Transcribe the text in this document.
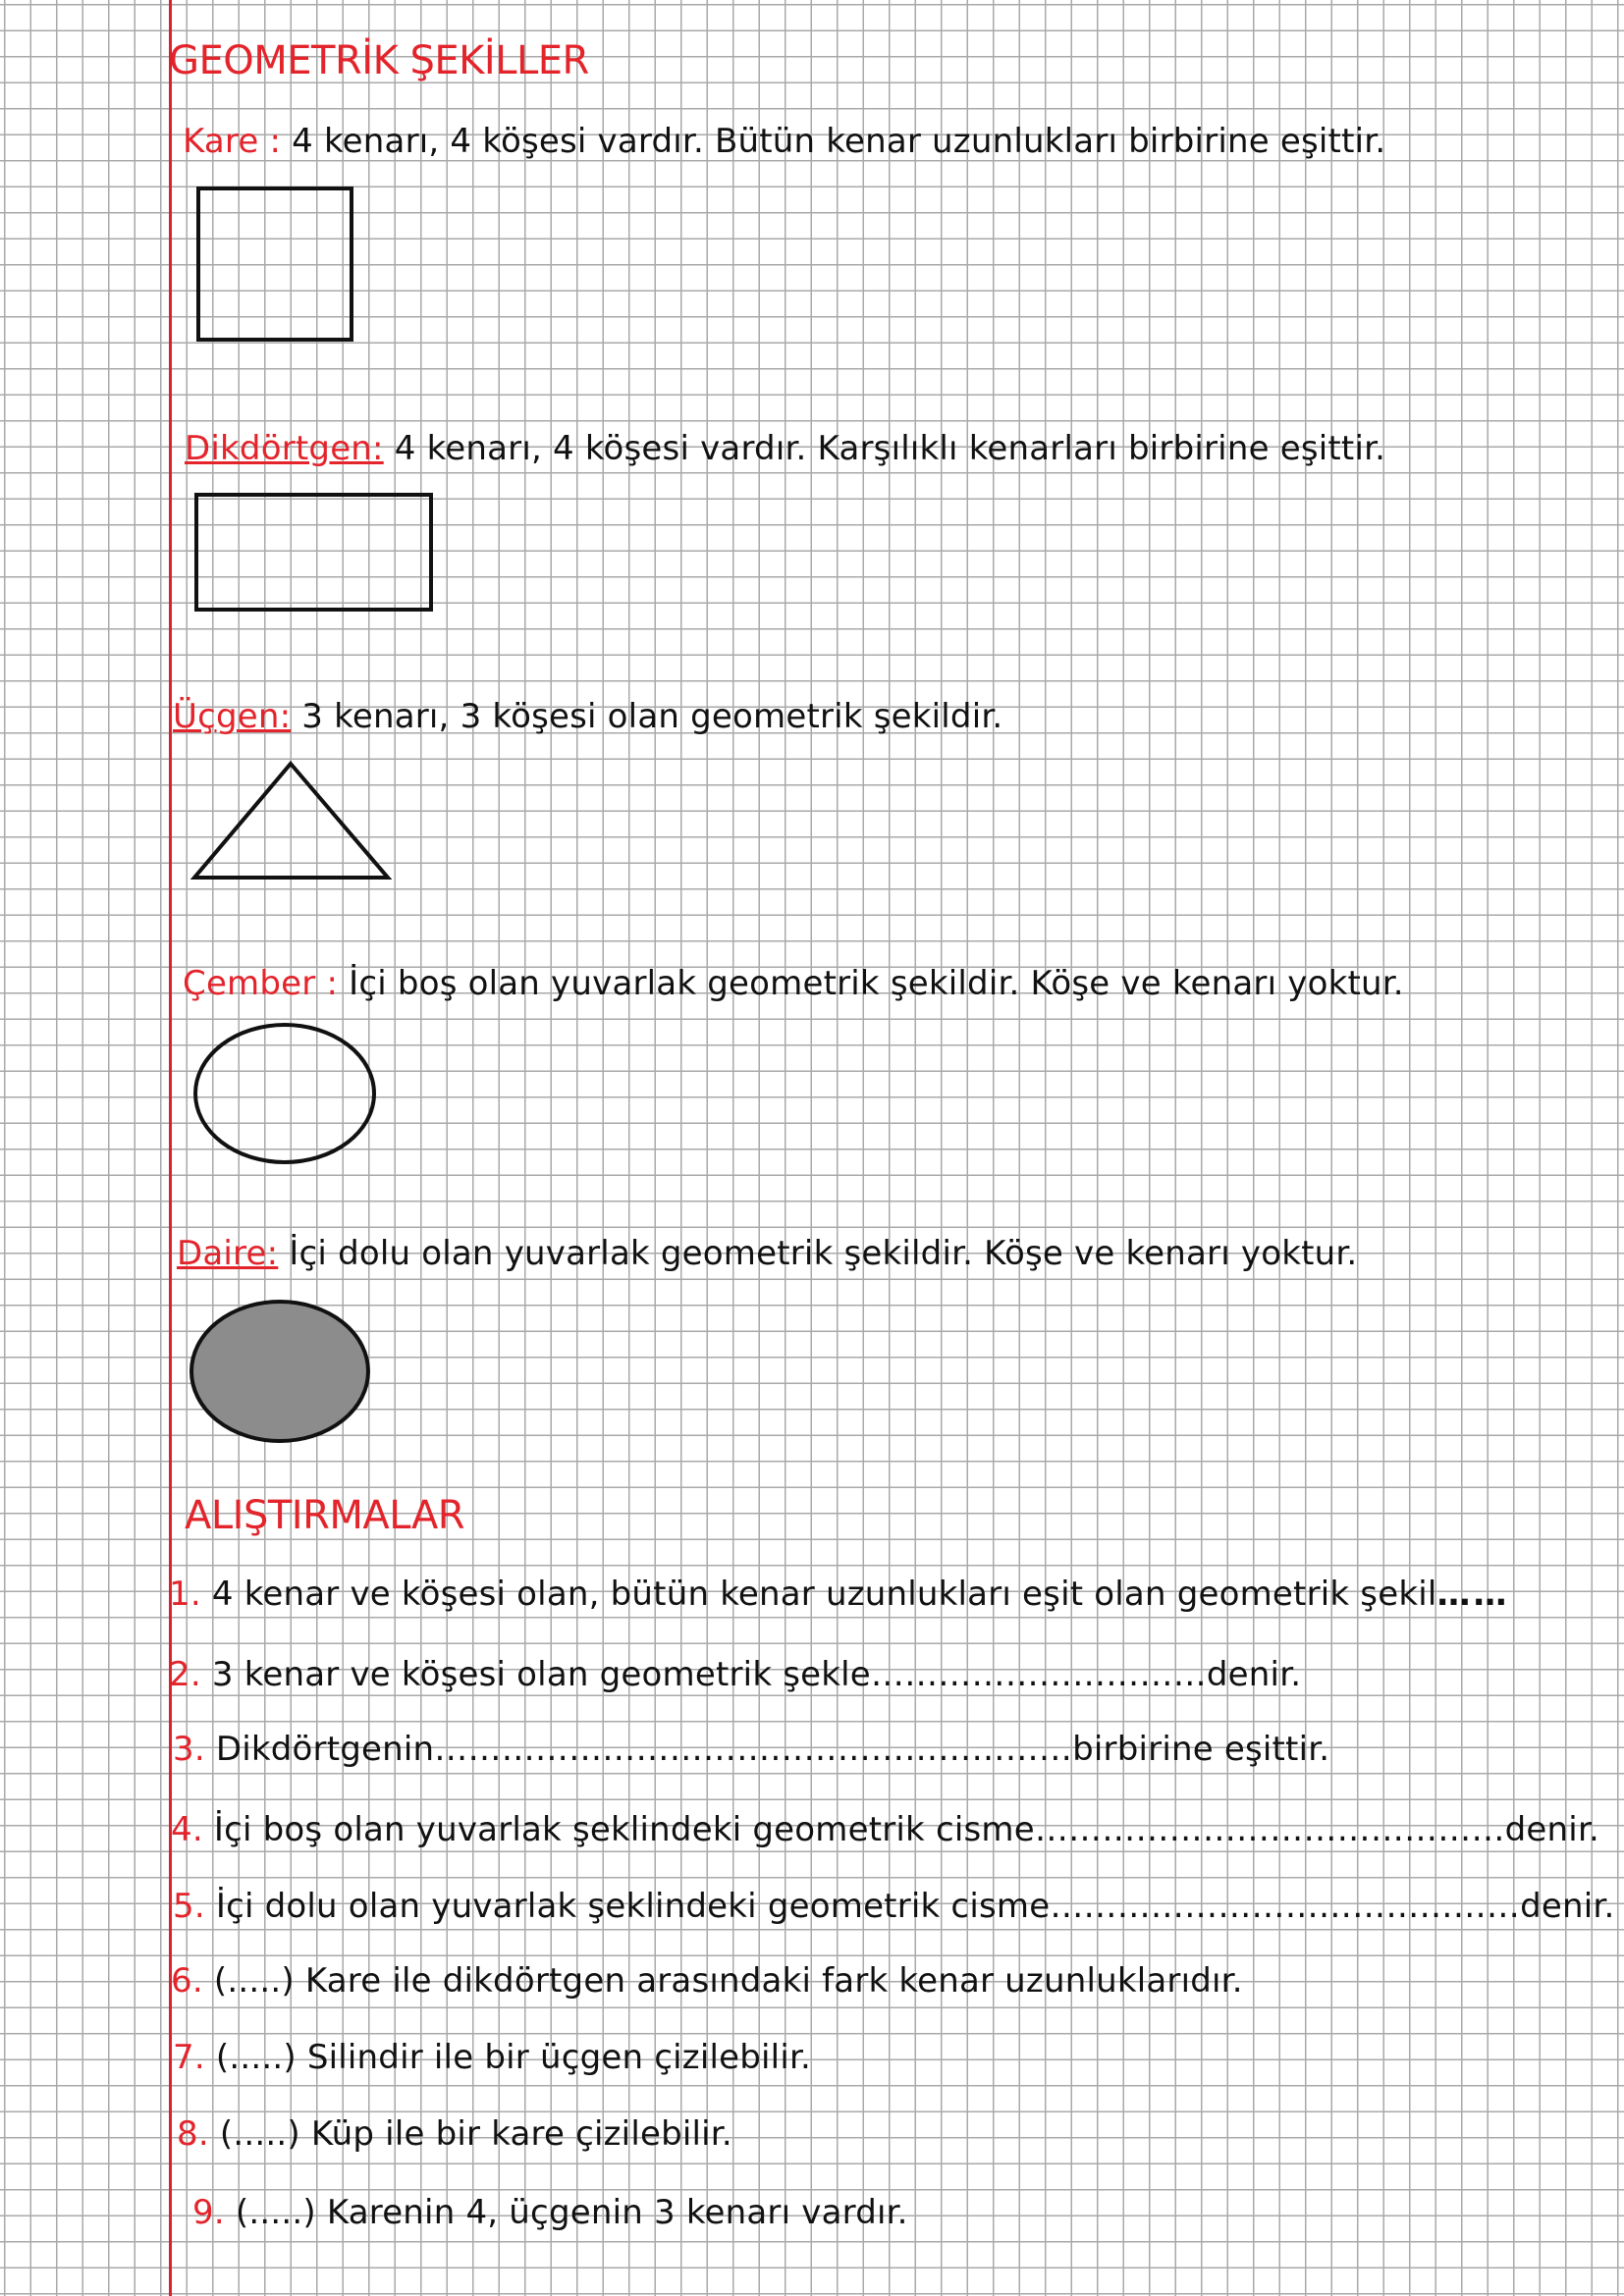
GEOMETRİK ŞEKİLLER
Kare : 4 kenarı, 4 köşesi vardır. Bütün kenar uzunlukları birbirine eşittir.
Dikdörtgen: 4 kenarı, 4 köşesi vardır. Karşılıklı kenarları birbirine eşittir.
Üçgen: 3 kenarı, 3 köşesi olan geometrik şekildir.
Çember : İçi boş olan yuvarlak geometrik şekildir. Köşe ve kenarı yoktur.
Daire: İçi dolu olan yuvarlak geometrik şekildir. Köşe ve kenarı yoktur.
ALIŞTIRMALAR
1. 4 kenar ve köşesi olan, bütün kenar uzunlukları eşit olan geometrik şekil……
2. 3 kenar ve köşesi olan geometrik şekle…………………………denir.
3. Dikdörtgenin…………………………………………………birbirine eşittir.
4. İçi boş olan yuvarlak şeklindeki geometrik cisme……………………………………denir.
5. İçi dolu olan yuvarlak şeklindeki geometrik cisme……………………………………denir.
6. (.....) Kare ile dikdörtgen arasındaki fark kenar uzunluklarıdır.
7. (.....) Silindir ile bir üçgen çizilebilir.
8. (.....) Küp ile bir kare çizilebilir.
9. (.....) Karenin 4, üçgenin 3 kenarı vardır.
